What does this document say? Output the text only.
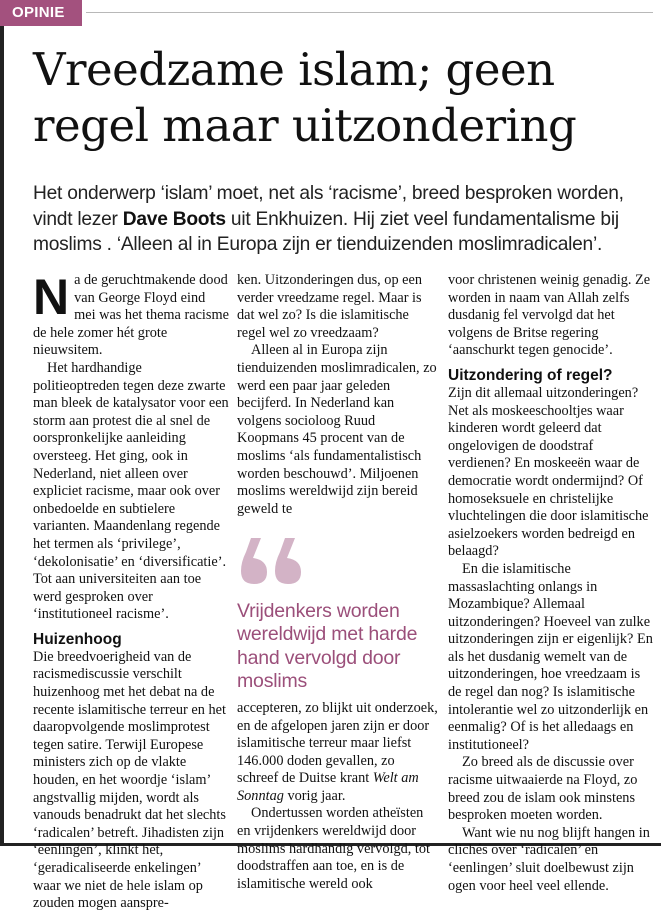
OPINIE
Vreedzame islam; geen
regel maar uitzondering
Het onderwerp ‘islam’ moet, net als ‘racisme’, breed besproken worden, vindt lezer Dave Boots uit Enkhuizen. Hij ziet veel fundamentalisme bij moslims . ‘Alleen al in Europa zijn er tienduizenden moslimradicalen’.

Na de geruchtmakende dood van George Floyd eind mei was het thema racisme de hele zomer hét grote nieuwsitem.

Het hardhandige politieoptreden tegen deze zwarte man bleek de katalysator voor een storm aan protest die al snel de oorspronkelijke aanleiding oversteeg. Het ging, ook in Nederland, niet alleen over expliciet racisme, maar ook over onbedoelde en subtielere varianten. Maandenlang regende het termen als ‘privilege’, ‘dekolonisatie’ en ‘diversificatie’. Tot aan universiteiten aan toe werd gesproken over ‘institutioneel racisme’.

Huizenhoog

Die breedvoerigheid van de racismediscussie verschilt huizenhoog met het debat na de recente islamitische terreur en het daaropvolgende moslimprotest tegen satire. Terwijl Europese ministers zich op de vlakte houden, en het woordje ‘islam’ angstvallig mijden, wordt als vanouds benadrukt dat het slechts ‘radicalen’ betreft. Jihadisten zijn ‘eenlingen’, klinkt het, ‘geradicaliseerde enkelingen’ waar we niet de hele islam op zouden mogen aanspre-

ken. Uitzonderingen dus, op een verder vreedzame regel. Maar is dat wel zo? Is die islamitische regel wel zo vreedzaam?

Alleen al in Europa zijn tienduizenden moslimradicalen, zo werd een paar jaar geleden becijferd. In Nederland kan volgens socioloog Ruud Koopmans 45 procent van de moslims ‘als fundamentalistisch worden beschouwd’. Miljoenen moslims wereldwijd zijn bereid geweld te

Vrijdenkers worden wereldwijd met harde hand vervolgd door moslims

accepteren, zo blijkt uit onderzoek, en de afgelopen jaren zijn er door islamitische terreur maar liefst 146.000 doden gevallen, zo schreef de Duitse krant Welt am Sonntag vorig jaar.

Ondertussen worden atheïsten en vrijdenkers wereldwijd door moslims hardhandig vervolgd, tot doodstraffen aan toe, en is de islamitische wereld ook

voor christenen weinig genadig. Ze worden in naam van Allah zelfs dusdanig fel vervolgd dat het volgens de Britse regering ‘aanschurkt tegen genocide’.

Uitzondering of regel?

Zijn dit allemaal uitzonderingen? Net als moskeeschooltjes waar kinderen wordt geleerd dat ongelovigen de doodstraf verdienen? En moskeeën waar de democratie wordt ondermijnd? Of homoseksuele en christelijke vluchtelingen die door islamitische asielzoekers worden bedreigd en belaagd?

En die islamitische massaslachting onlangs in Mozambique? Allemaal uitzonderingen? Hoeveel van zulke uitzonderingen zijn er eigenlijk? En als het dusdanig wemelt van de uitzonderingen, hoe vreedzaam is de regel dan nog? Is islamitische intolerantie wel zo uitzonderlijk en eenmalig? Of is het alledaags en institutioneel?

Zo breed als de discussie over racisme uitwaaierde na Floyd, zo breed zou de islam ook minstens besproken moeten worden.

Want wie nu nog blijft hangen in clichés over ‘radicalen’ en ‘eenlingen’ sluit doelbewust zijn ogen voor heel veel ellende.
